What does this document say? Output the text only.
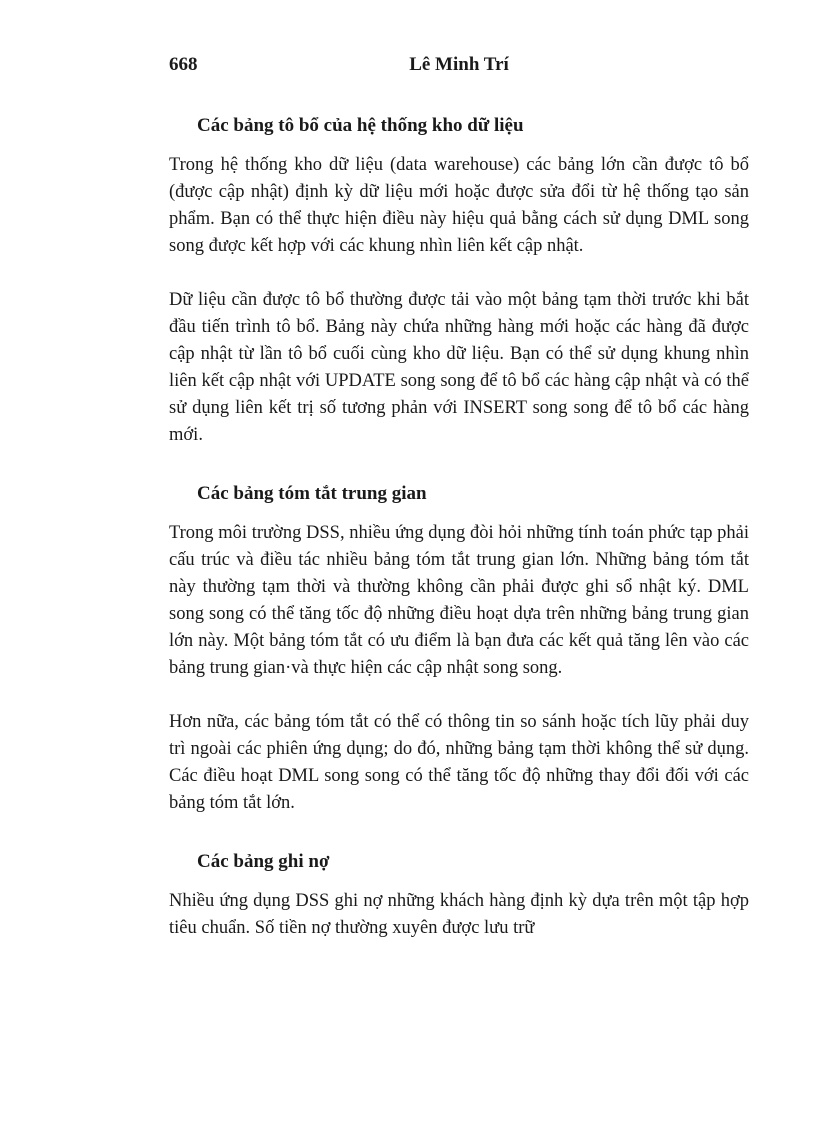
668	Lê Minh Trí
Các bảng tô bổ của hệ thống kho dữ liệu

Trong hệ thống kho dữ liệu (data warehouse) các bảng lớn cần được tô bổ (được cập nhật) định kỳ dữ liệu mới hoặc được sửa đổi từ hệ thống tạo sản phẩm. Bạn có thể thực hiện điều này hiệu quả bằng cách sử dụng DML song song được kết hợp với các khung nhìn liên kết cập nhật.

Dữ liệu cần được tô bổ thường được tải vào một bảng tạm thời trước khi bắt đầu tiến trình tô bổ. Bảng này chứa những hàng mới hoặc các hàng đã được cập nhật từ lần tô bổ cuối cùng kho dữ liệu. Bạn có thể sử dụng khung nhìn liên kết cập nhật với UPDATE song song để tô bổ các hàng cập nhật và có thể sử dụng liên kết trị số tương phản với INSERT song song để tô bổ các hàng mới.

Các bảng tóm tắt trung gian

Trong môi trường DSS, nhiều ứng dụng đòi hỏi những tính toán phức tạp phải cấu trúc và điều tác nhiều bảng tóm tắt trung gian lớn. Những bảng tóm tắt này thường tạm thời và thường không cần phải được ghi sổ nhật ký. DML song song có thể tăng tốc độ những điều hoạt dựa trên những bảng trung gian lớn này. Một bảng tóm tắt có ưu điểm là bạn đưa các kết quả tăng lên vào các bảng trung gian·và thực hiện các cập nhật song song.

Hơn nữa, các bảng tóm tắt có thể có thông tin so sánh hoặc tích lũy phải duy trì ngoài các phiên ứng dụng; do đó, những bảng tạm thời không thể sử dụng. Các điều hoạt DML song song có thể tăng tốc độ những thay đổi đối với các bảng tóm tắt lớn.

Các bảng ghi nợ

Nhiều ứng dụng DSS ghi nợ những khách hàng định kỳ dựa trên một tập hợp tiêu chuẩn. Số tiền nợ thường xuyên được lưu trữ
